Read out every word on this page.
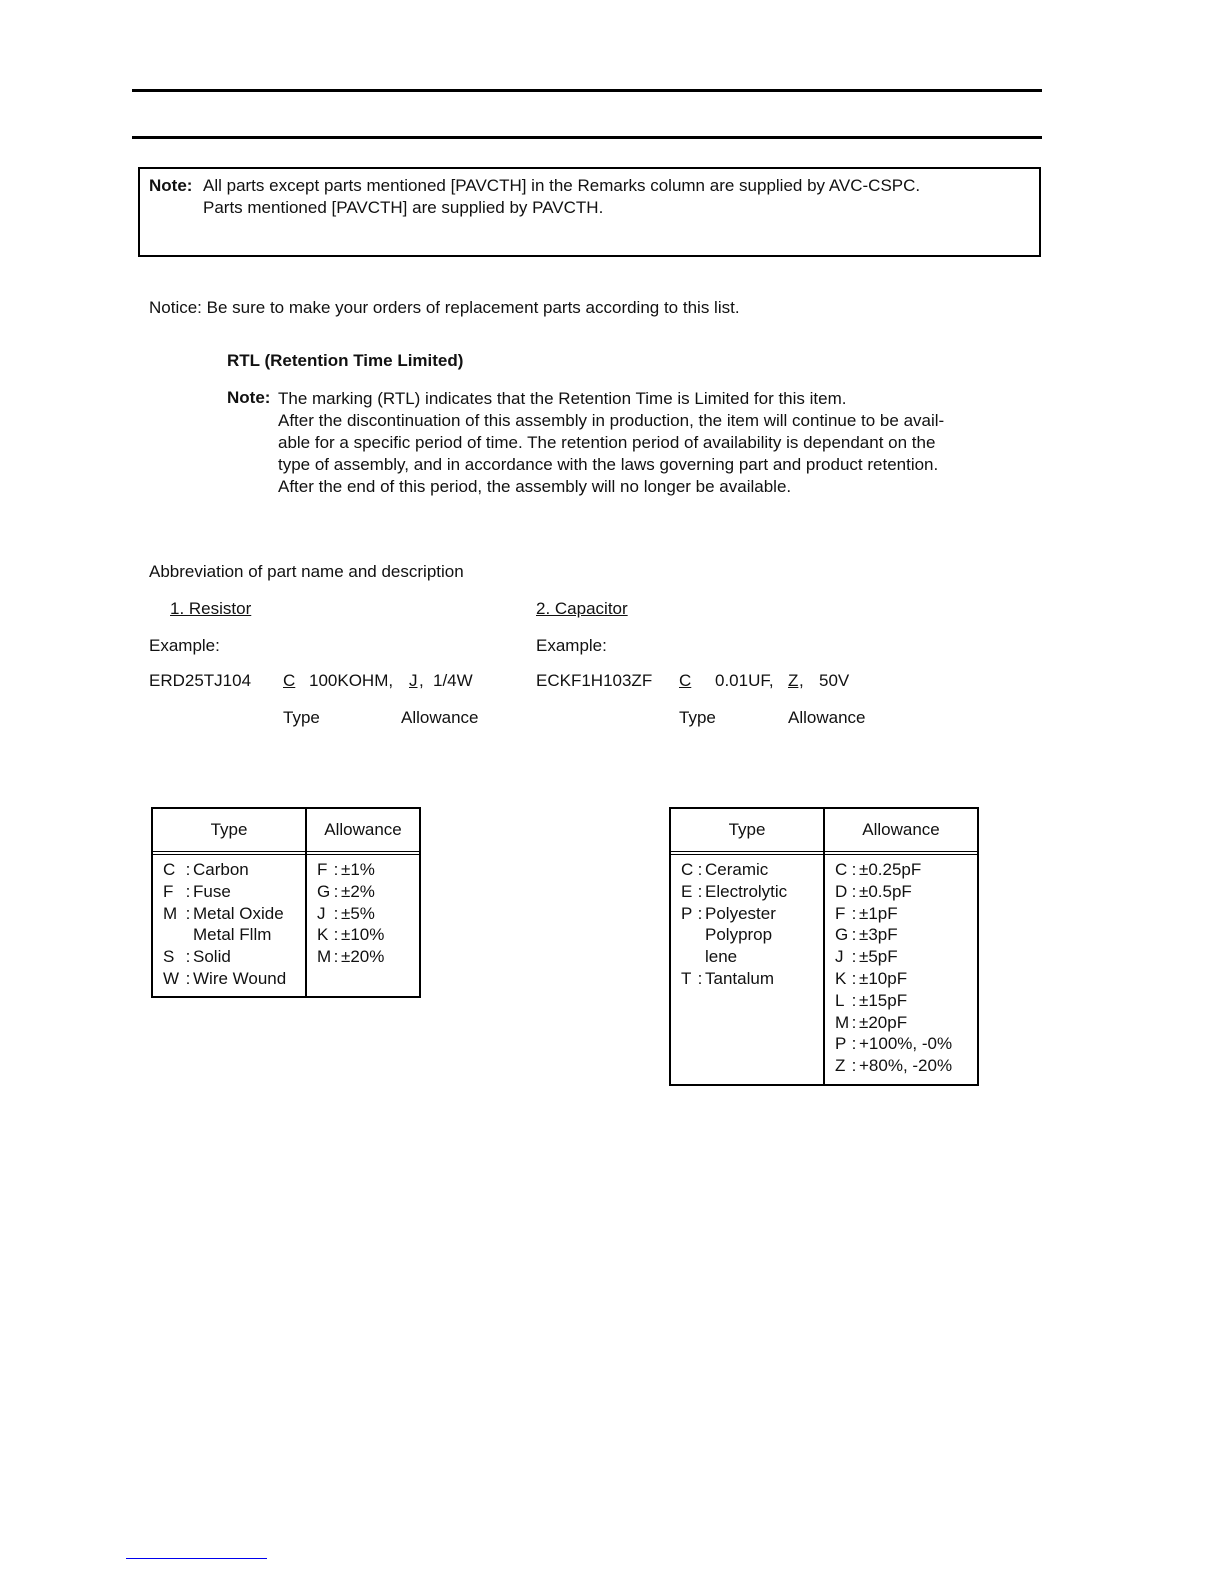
Note: All parts except parts mentioned [PAVCTH] in the Remarks column are supplied by AVC-CSPC.
Parts mentioned [PAVCTH] are supplied by PAVCTH.
Notice: Be sure to make your orders of replacement parts according to this list.
RTL (Retention Time Limited)
Note: The marking (RTL) indicates that the Retention Time is Limited for this item.
After the discontinuation of this assembly in production, the item will continue to be avail-
able for a specific period of time. The retention period of availability is dependant on the
type of assembly, and in accordance with the laws governing part and product retention.
After the end of this period, the assembly will no longer be available.
Abbreviation of part name and description
1. Resistor
Example:
ERD25TJ104 C 100KOHM, J , 1/4W
Type	Allowance
2. Capacitor
Example:
ECKF1H103ZF C 0.01UF, Z , 50V
Type	Allowance
Type
C : Carbon
F : Fuse
M : Metal Oxide
Metal Fllm
S : Solid
W : Wire Wound
Allowance
F : ±1%
G : ±2%
J : ±5%
K : ±10%
M : ±20%
Type
C : Ceramic
E : Electrolytic
P : Polyester
Polyprop
lene
T : Tantalum
Allowance
C : ±0.25pF
D : ±0.5pF
F : ±1pF
G : ±3pF
J : ±5pF
K : ±10pF
L : ±15pF
M : ±20pF
P : +100%, -0%
Z : +80%, -20%
